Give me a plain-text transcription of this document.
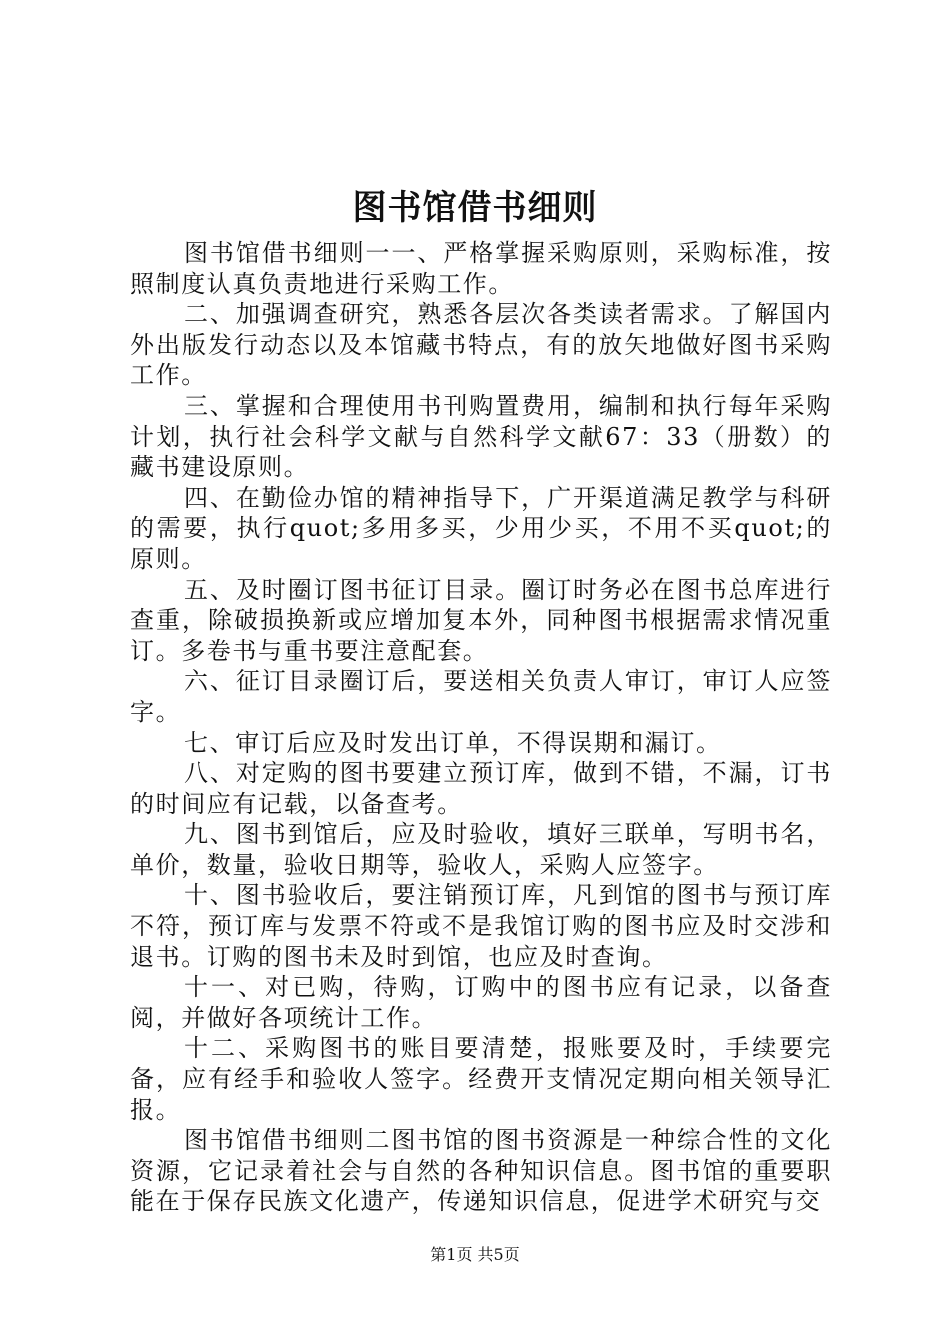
图书馆借书细则

图书馆借书细则一一、严格掌握采购原则，采购标准，按照制度认真负责地进行采购工作。

二、加强调查研究，熟悉各层次各类读者需求。了解国内外出版发行动态以及本馆藏书特点，有的放矢地做好图书采购工作。

三、掌握和合理使用书刊购置费用，编制和执行每年采购计划，执行社会科学文献与自然科学文献67：33（册数）的藏书建设原则。

四、在勤俭办馆的精神指导下，广开渠道满足教学与科研的需要，执行quot;多用多买，少用少买，不用不买quot;的原则。

五、及时圈订图书征订目录。圈订时务必在图书总库进行查重，除破损换新或应增加复本外，同种图书根据需求情况重订。多卷书与重书要注意配套。

六、征订目录圈订后，要送相关负责人审订，审订人应签字。

七、审订后应及时发出订单，不得误期和漏订。

八、对定购的图书要建立预订库，做到不错，不漏，订书的时间应有记载，以备查考。

九、图书到馆后，应及时验收，填好三联单，写明书名，单价，数量，验收日期等，验收人，采购人应签字。

十、图书验收后，要注销预订库，凡到馆的图书与预订库不符，预订库与发票不符或不是我馆订购的图书应及时交涉和退书。订购的图书未及时到馆，也应及时查询。

十一、对已购，待购，订购中的图书应有记录，以备查阅，并做好各项统计工作。

十二、采购图书的账目要清楚，报账要及时，手续要完备，应有经手和验收人签字。经费开支情况定期向相关领导汇报。

图书馆借书细则二图书馆的图书资源是一种综合性的文化资源，它记录着社会与自然的各种知识信息。图书馆的重要职能在于保存民族文化遗产，传递知识信息，促进学术研究与交

第1页 共5页
